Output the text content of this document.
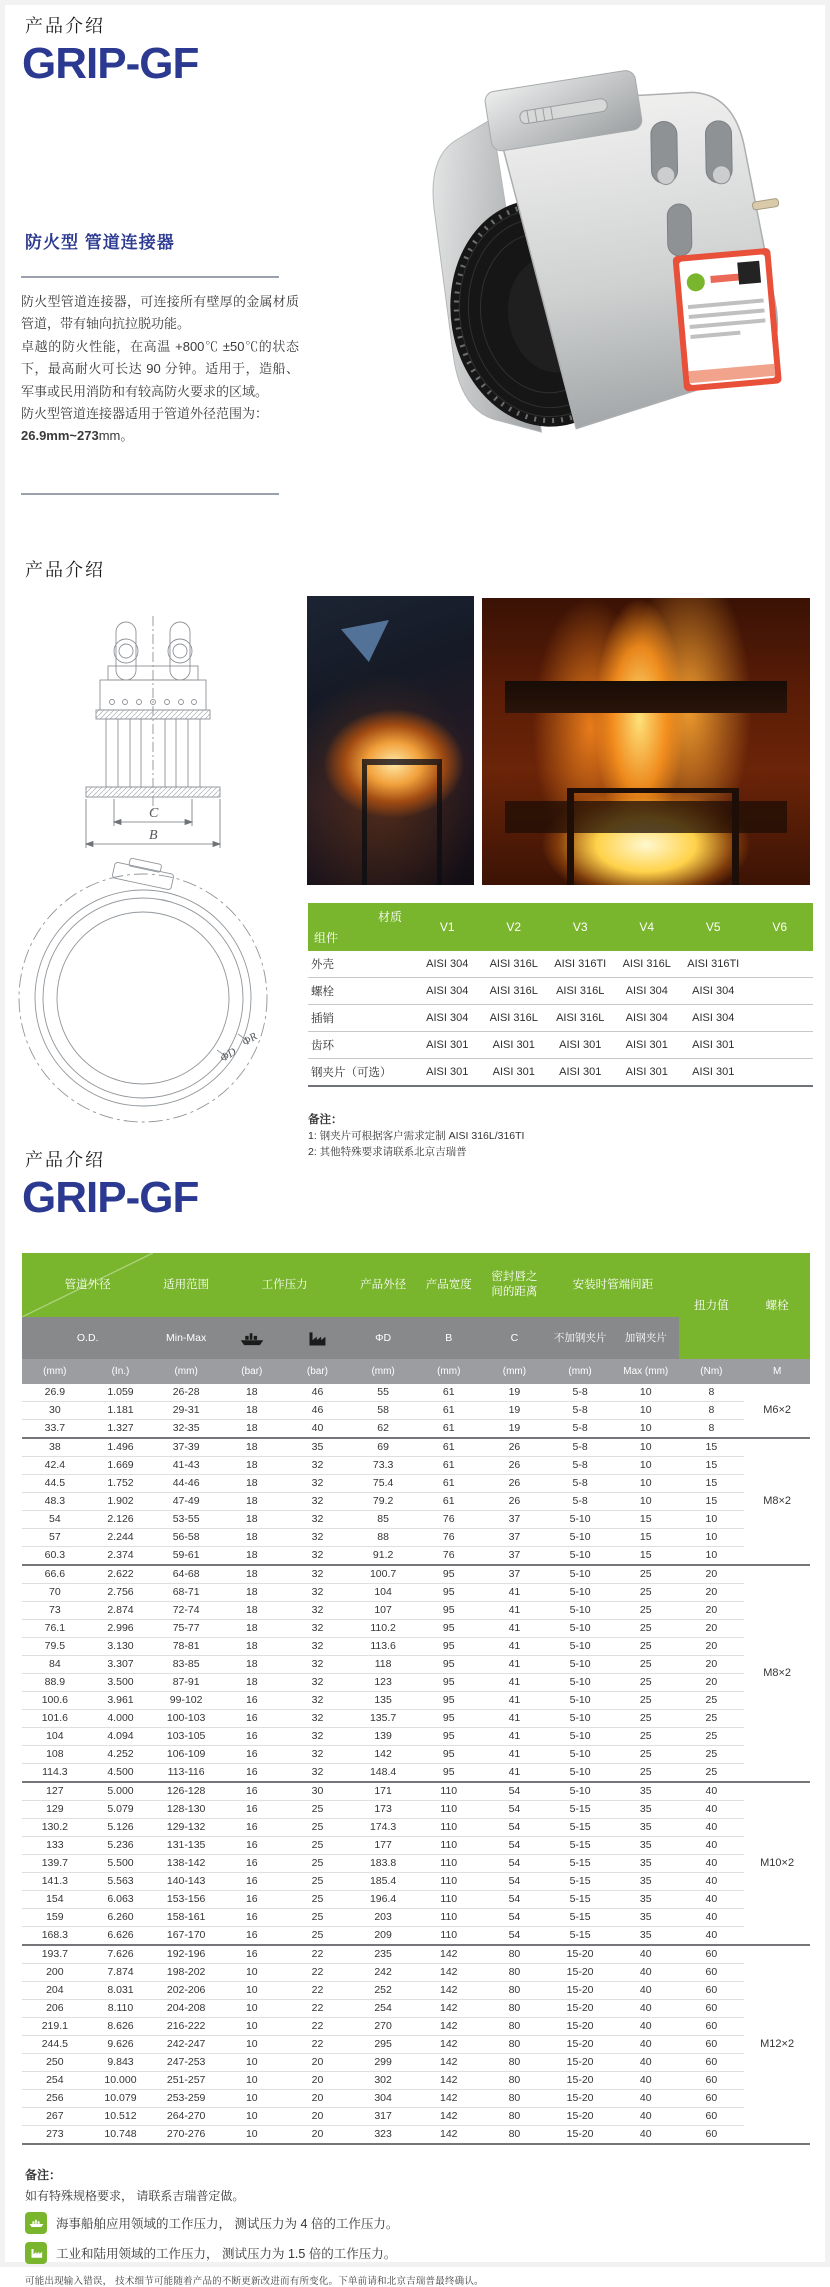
产品介绍
GRIP-GF
防火型 管道连接器

防火型管道连接器，可连接所有壁厚的金属材质管道，带有轴向抗拉脱功能。

卓越的防火性能，在高温 +800℃ ±50℃的状态下，最高耐火可长达 90 分钟。适用于，造船、军事或民用消防和有较高防火要求的区域。

防火型管道连接器适用于管道外径范围为：

26.9mm~273mm。

产品介绍
C
B
ΦR
ΦD
材质
组件	V1	V2	V3	V4	V5	V6
外壳	AISI 304	AISI 316L	AISI 316TI	AISI 316L	AISI 316TI	
螺栓	AISI 304	AISI 316L	AISI 316L	AISI 304	AISI 304	
插销	AISI 304	AISI 316L	AISI 316L	AISI 304	AISI 304	
齿环	AISI 301	AISI 301	AISI 301	AISI 301	AISI 301	
钢夹片（可选）	AISI 301	AISI 301	AISI 301	AISI 301	AISI 301	
备注：
1: 钢夹片可根据客户需求定制 AISI 316L/316TI
2: 其他特殊要求请联系北京吉瑞普
产品介绍
GRIP-GF
管道外径		适用范围	工作压力		产品外径	产品宽度	密封唇之间的距离	安装时管端间距		扭力值	螺栓
O.D.		Min-Max			ΦD	B	C	不加钢夹片	加钢夹片		
(mm)	(In.)	(mm)	(bar)	(bar)	(mm)	(mm)	(mm)	(mm)	Max (mm)	(Nm)	M
26.9	1.059	26-28	18	46	55	61	19	5-8	10	8	M6×2
30	1.181	29-31	18	46	58	61	19	5-8	10	8	
33.7	1.327	32-35	18	40	62	61	19	5-8	10	8	
38	1.496	37-39	18	35	69	61	26	5-8	10	15	M8×2
42.4	1.669	41-43	18	32	73.3	61	26	5-8	10	15	
44.5	1.752	44-46	18	32	75.4	61	26	5-8	10	15	
48.3	1.902	47-49	18	32	79.2	61	26	5-8	10	15	
54	2.126	53-55	18	32	85	76	37	5-10	15	10	
57	2.244	56-58	18	32	88	76	37	5-10	15	10	
60.3	2.374	59-61	18	32	91.2	76	37	5-10	15	10	
66.6	2.622	64-68	18	32	100.7	95	37	5-10	25	20	M8×2
70	2.756	68-71	18	32	104	95	41	5-10	25	20	
73	2.874	72-74	18	32	107	95	41	5-10	25	20	
76.1	2.996	75-77	18	32	110.2	95	41	5-10	25	20	
79.5	3.130	78-81	18	32	113.6	95	41	5-10	25	20	
84	3.307	83-85	18	32	118	95	41	5-10	25	20	
88.9	3.500	87-91	18	32	123	95	41	5-10	25	20	
100.6	3.961	99-102	16	32	135	95	41	5-10	25	25	
101.6	4.000	100-103	16	32	135.7	95	41	5-10	25	25	
104	4.094	103-105	16	32	139	95	41	5-10	25	25	
108	4.252	106-109	16	32	142	95	41	5-10	25	25	
114.3	4.500	113-116	16	32	148.4	95	41	5-10	25	25	
127	5.000	126-128	16	30	171	110	54	5-10	35	40	M10×2
129	5.079	128-130	16	25	173	110	54	5-15	35	40	
130.2	5.126	129-132	16	25	174.3	110	54	5-15	35	40	
133	5.236	131-135	16	25	177	110	54	5-15	35	40	
139.7	5.500	138-142	16	25	183.8	110	54	5-15	35	40	
141.3	5.563	140-143	16	25	185.4	110	54	5-15	35	40	
154	6.063	153-156	16	25	196.4	110	54	5-15	35	40	
159	6.260	158-161	16	25	203	110	54	5-15	35	40	
168.3	6.626	167-170	16	25	209	110	54	5-15	35	40	
193.7	7.626	192-196	16	22	235	142	80	15-20	40	60	M12×2
200	7.874	198-202	10	22	242	142	80	15-20	40	60	
204	8.031	202-206	10	22	252	142	80	15-20	40	60	
206	8.110	204-208	10	22	254	142	80	15-20	40	60	
219.1	8.626	216-222	10	22	270	142	80	15-20	40	60	
244.5	9.626	242-247	10	22	295	142	80	15-20	40	60	
250	9.843	247-253	10	20	299	142	80	15-20	40	60	
254	10.000	251-257	10	20	302	142	80	15-20	40	60	
256	10.079	253-259	10	20	304	142	80	15-20	40	60	
267	10.512	264-270	10	20	317	142	80	15-20	40	60	
273	10.748	270-276	10	20	323	142	80	15-20	40	60	
备注：
如有特殊规格要求， 请联系吉瑞普定做。
海事船舶应用领域的工作压力， 测试压力为 4 倍的工作压力。
工业和陆用领域的工作压力， 测试压力为 1.5 倍的工作压力。
可能出现输入错误， 技术细节可能随着产品的不断更新改进而有所变化。下单前请和北京吉瑞普最终确认。
